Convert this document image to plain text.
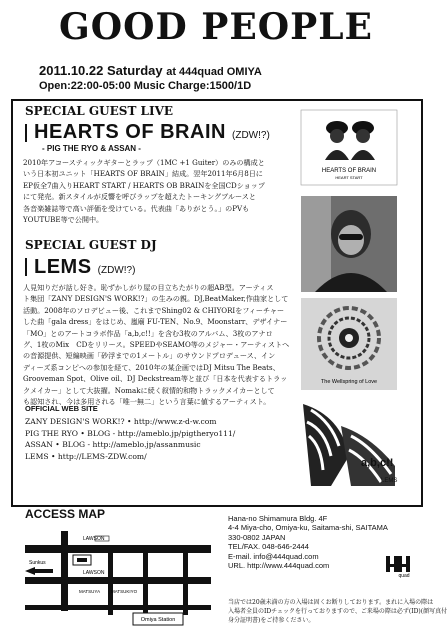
GOOD PEOPLE
2011.10.22 Saturday at 444quad OMIYA
Open:22:00-05:00 Music Charge:1500/1D
SPECIAL GUEST LIVE
HEARTS OF BRAIN (ZDW!?)
- PIG THE RYO & ASSAN -

2010年アコースティックギターとラップ（1MC +1 Guiter）のみの構成と

いう日本初ユニット「HEARTS OF BRAIN」結成。翌年2011年6月8日に

EP仮全7曲入りHEART START / HEARTS OB BRAINを全国CDショップ

にて発売。新スタイルが反響を呼びラップを超えたトーキングブルースと

各音楽雑誌等で高い評価を受けている。代表曲「ありがとう。」のPVも

YOUTUBE等で公開中。

SPECIAL GUEST DJ
LEMS (ZDW!?)

人見知りだが話し好き。恥ずかしがり屋の目立ちたがりの超AB型。アーティス

ト集団「ZANY DESIGN'S WORK!?」の生みの親。DJ,BeatMaker,作曲家として

活動。2008年のソロデビュー後、これまでShing02 & CHIYORIをフィーチャー

した曲「gala dress」をはじめ、嵐廟 FU-TEN、No.9、Moonstarr、デザイナー

「MO」とのアートコラボ作品「a,b,c!!」を含む3枚のアルバム、3枚のアナロ

グ、1枚のMix　CDをリリース。SPEEDやSEAMO等のメジャー・アーティストへ

の音源提供、短編映画「砂浮までの1メートル」のサウンドプロデュース、イン

ディーズ系コンピへの参加を経て、2010年の某企画ではDJ Mitsu The Beats、

Grooveman Spot、Olive oil、DJ Deckstream等と並び「日本を代表するトラッ

クメイカー」として大抜擢。Nomakに続く叙情的和物トラックメイカーとして

も認知され、今は多用される「唯一無二」という言葉に値するアーティスト。

OFFICIAL WEB SITE
ZANY DESIGN'S WORK!? • http://www.z-d-w.com
PIG THE RYO • BLOG - http://ameblo.jp/pigtheryo111/
ASSAN • BLOG - http://ameblo.jp/assanmusic
LEMS • http://LEMS-ZDW.com/
HEARTS OF BRAIN
HEART START
The Wellspring of Love
a,b,c!!
LEMS
ACCESS MAP
LAWSON
Sunkus
LAWSON
MATSUYA MATSUKIYO
Omiya Station
Hana-no Shimamura Bldg. 4F
4-4 Miya-cho, Omiya-ku, Saitama-shi, SAITAMA
330-0802 JAPAN
TEL/FAX. 048-646-2444
E-mail. info@444quad.com
URL. http://www.444quad.com
quad

当店では20歳未満の方の入場は固くお断りしております。まれに入場の際は

入場者全員のIDチェックを行っておりますので、ご来場の際は必ず(ID)(顔写真付

身分証明書)をご持参ください。
